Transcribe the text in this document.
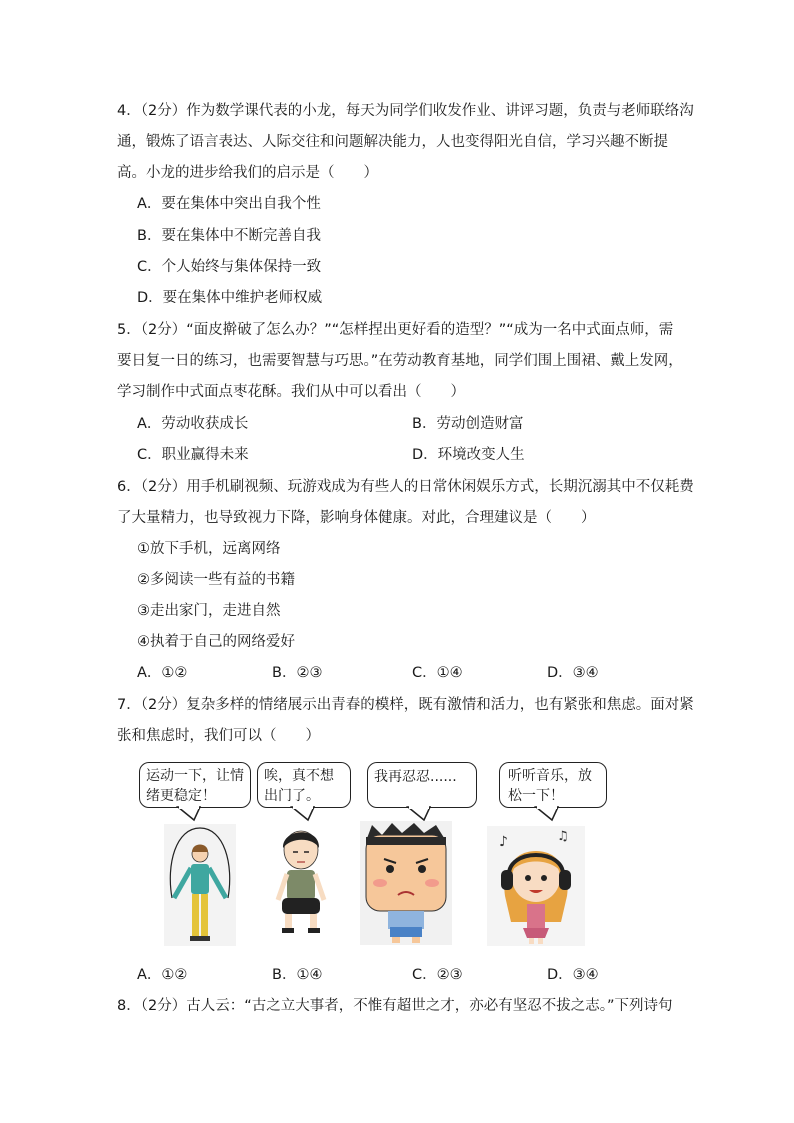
4．（2分）作为数学课代表的小龙，每天为同学们收发作业、讲评习题，负责与老师联络沟
通，锻炼了语言表达、人际交往和问题解决能力，人也变得阳光自信，学习兴趣不断提
高。小龙的进步给我们的启示是（　　）
A．要在集体中突出自我个性
B．要在集体中不断完善自我
C．个人始终与集体保持一致
D．要在集体中维护老师权威
5．（2分）“面皮擀破了怎么办？”“怎样捏出更好看的造型？”“成为一名中式面点师，需
要日复一日的练习，也需要智慧与巧思。”在劳动教育基地，同学们围上围裙、戴上发网，
学习制作中式面点枣花酥。我们从中可以看出（　　）
A．劳动收获成长	B．劳动创造财富
C．职业赢得未来	D．环境改变人生
6．（2分）用手机刷视频、玩游戏成为有些人的日常休闲娱乐方式，长期沉溺其中不仅耗费
了大量精力，也导致视力下降，影响身体健康。对此，合理建议是（　　）
①放下手机，远离网络
②多阅读一些有益的书籍
③走出家门，走进自然
④执着于自己的网络爱好
A．①②	B．②③	C．①④	D．③④
7．（2分）复杂多样的情绪展示出青春的模样，既有激情和活力，也有紧张和焦虑。面对紧
张和焦虑时，我们可以（　　）
运动一下，让情绪更稳定！
唉，真不想出门了。
我再忍忍......	听听音乐，放松一下！
♪	♫
A．①②	B．①④	C．②③	D．③④
8．（2分）古人云：“古之立大事者，不惟有超世之才，亦必有坚忍不拔之志。”下列诗句
